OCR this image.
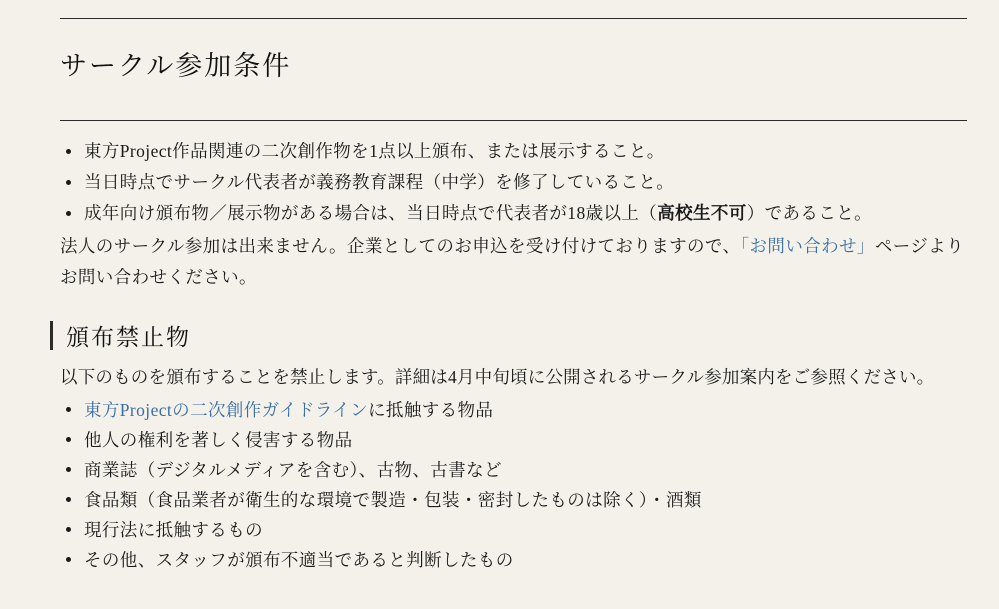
サークル参加条件
東方Project作品関連の二次創作物を1点以上頒布、または展示すること。
当日時点でサークル代表者が義務教育課程（中学）を修了していること。
成年向け頒布物／展示物がある場合は、当日時点で代表者が18歳以上（高校生不可）であること。

法人のサークル参加は出来ません。企業としてのお申込を受け付けておりますので、「お問い合わせ」ページよりお問い合わせください。

頒布禁止物

以下のものを頒布することを禁止します。詳細は4月中旬頃に公開されるサークル参加案内をご参照ください。

東方Projectの二次創作ガイドラインに抵触する物品
他人の権利を著しく侵害する物品
商業誌（デジタルメディアを含む）、古物、古書など
食品類（食品業者が衛生的な環境で製造・包装・密封したものは除く）・酒類
現行法に抵触するもの
その他、スタッフが頒布不適当であると判断したもの
